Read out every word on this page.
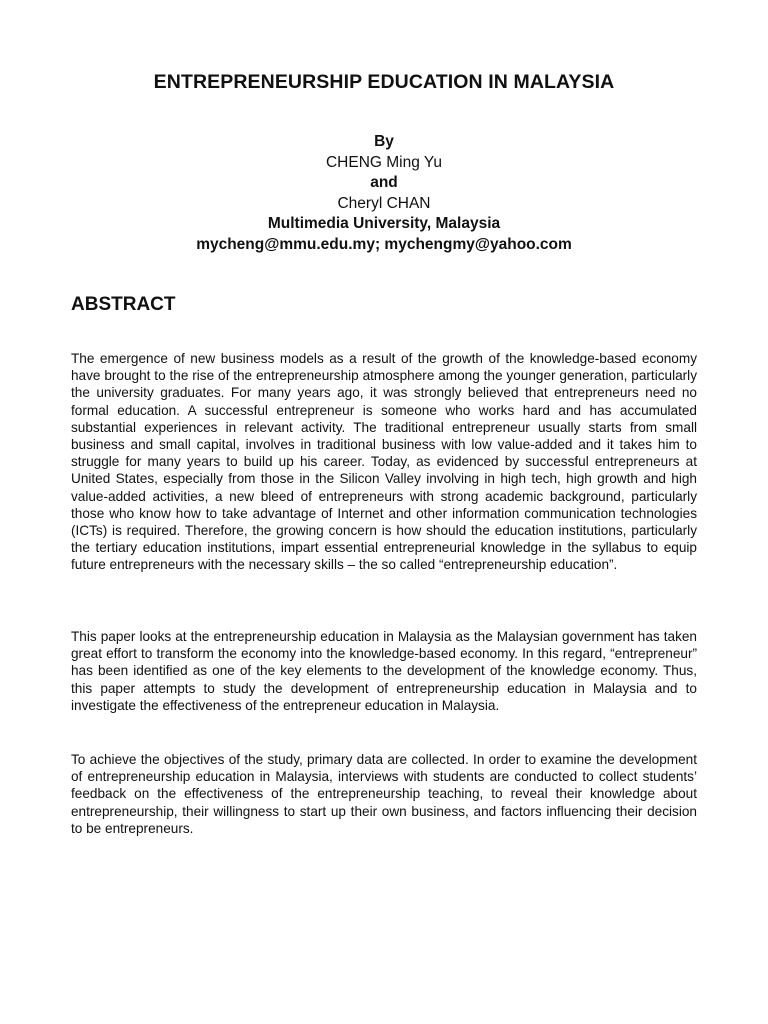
ENTREPRENEURSHIP EDUCATION IN MALAYSIA
By
CHENG Ming Yu
and
Cheryl CHAN
Multimedia University, Malaysia
mycheng@mmu.edu.my; mychengmy@yahoo.com
ABSTRACT

The emergence of new business models as a result of the growth of the knowledge-based economy have brought to the rise of the entrepreneurship atmosphere among the younger generation, particularly the university graduates. For many years ago, it was strongly believed that entrepreneurs need no formal education. A successful entrepreneur is someone who works hard and has accumulated substantial experiences in relevant activity. The traditional entrepreneur usually starts from small business and small capital, involves in traditional business with low value-added and it takes him to struggle for many years to build up his career. Today, as evidenced by successful entrepreneurs at United States, especially from those in the Silicon Valley involving in high tech, high growth and high value-added activities, a new bleed of entrepreneurs with strong academic background, particularly those who know how to take advantage of Internet and other information communication technologies (ICTs) is required. Therefore, the growing concern is how should the education institutions, particularly the tertiary education institutions, impart essential entrepreneurial knowledge in the syllabus to equip future entrepreneurs with the necessary skills – the so called “entrepreneurship education”.

This paper looks at the entrepreneurship education in Malaysia as the Malaysian government has taken great effort to transform the economy into the knowledge-based economy. In this regard, “entrepreneur” has been identified as one of the key elements to the development of the knowledge economy. Thus, this paper attempts to study the development of entrepreneurship education in Malaysia and to investigate the effectiveness of the entrepreneur education in Malaysia.

To achieve the objectives of the study, primary data are collected. In order to examine the development of entrepreneurship education in Malaysia, interviews with students are conducted to collect students’ feedback on the effectiveness of the entrepreneurship teaching, to reveal their knowledge about entrepreneurship, their willingness to start up their own business, and factors influencing their decision to be entrepreneurs.
